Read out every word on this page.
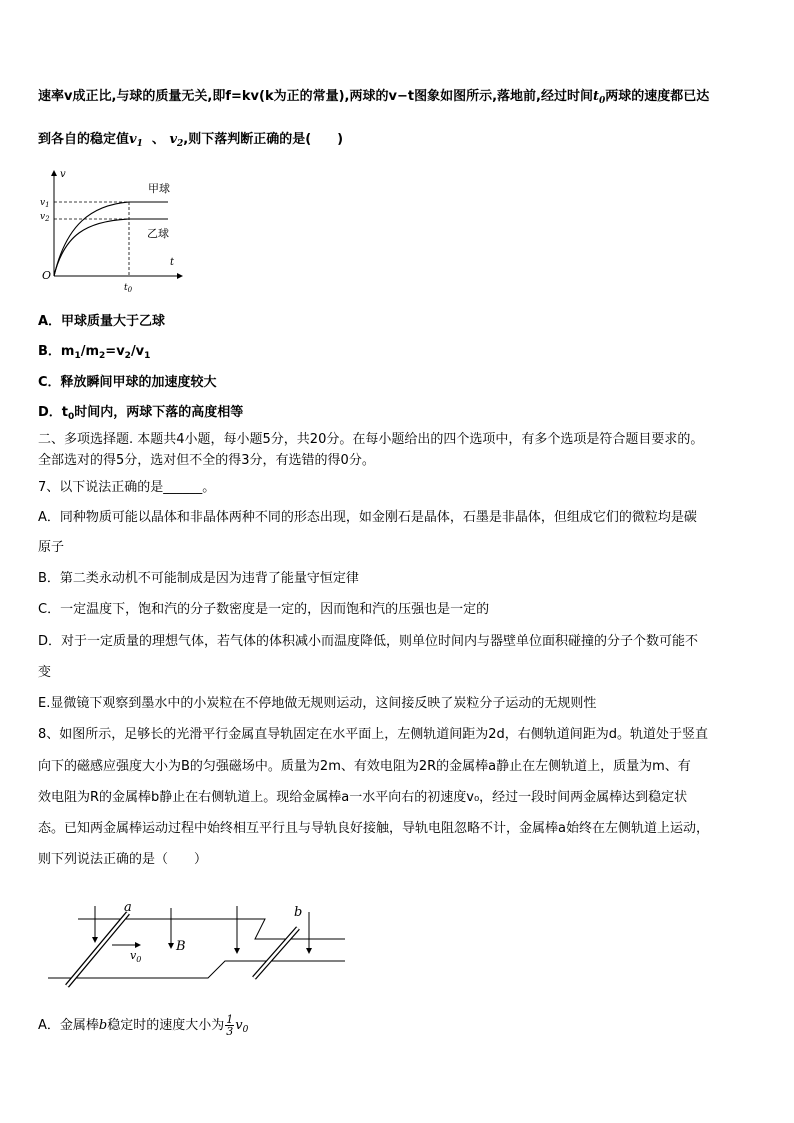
速率v成正比,与球的质量无关,即f=kv(k为正的常量),两球的v−t图象如图所示,落地前,经过时间$t_0$两球的速度都已达
到各自的稳定值$v_1$ 、 $v_2$,则下落判断正确的是(　　)
v
t
O
$v_1$
$v_2$
$t_0$
甲球
乙球
A．甲球质量大于乙球
B．$m_1/m_2=v_2/v_1$
C．释放瞬间甲球的加速度较大
D．$t_0$时间内，两球下落的高度相等
二、多项选择题. 本题共4小题，每小题5分，共20分。在每小题给出的四个选项中，有多个选项是符合题目要求的。
全部选对的得5分，选对但不全的得3分，有选错的得0分。
7、以下说法正确的是______。
A．同种物质可能以晶体和非晶体两种不同的形态出现，如金刚石是晶体，石墨是非晶体，但组成它们的微粒均是碳
原子
B．第二类永动机不可能制成是因为违背了能量守恒定律
C．一定温度下，饱和汽的分子数密度是一定的，因而饱和汽的压强也是一定的
D．对于一定质量的理想气体，若气体的体积减小而温度降低，则单位时间内与器壁单位面积碰撞的分子个数可能不
变
E.显微镜下观察到墨水中的小炭粒在不停地做无规则运动，这间接反映了炭粒分子运动的无规则性
8、如图所示，足够长的光滑平行金属直导轨固定在水平面上，左侧轨道间距为2d，右侧轨道间距为d。轨道处于竖直
向下的磁感应强度大小为B的匀强磁场中。质量为2m、有效电阻为2R的金属棒a静止在左侧轨道上，质量为m、有
效电阻为R的金属棒b静止在右侧轨道上。现给金属棒a一水平向右的初速度v₀，经过一段时间两金属棒达到稳定状
态。已知两金属棒运动过程中始终相互平行且与导轨良好接触，导轨电阻忽略不计，金属棒a始终在左侧轨道上运动，
则下列说法正确的是（　　）
a	b
B
$v_0$
A．金属棒b稳定时的速度大小为 $\frac{1}{3} v_0$
